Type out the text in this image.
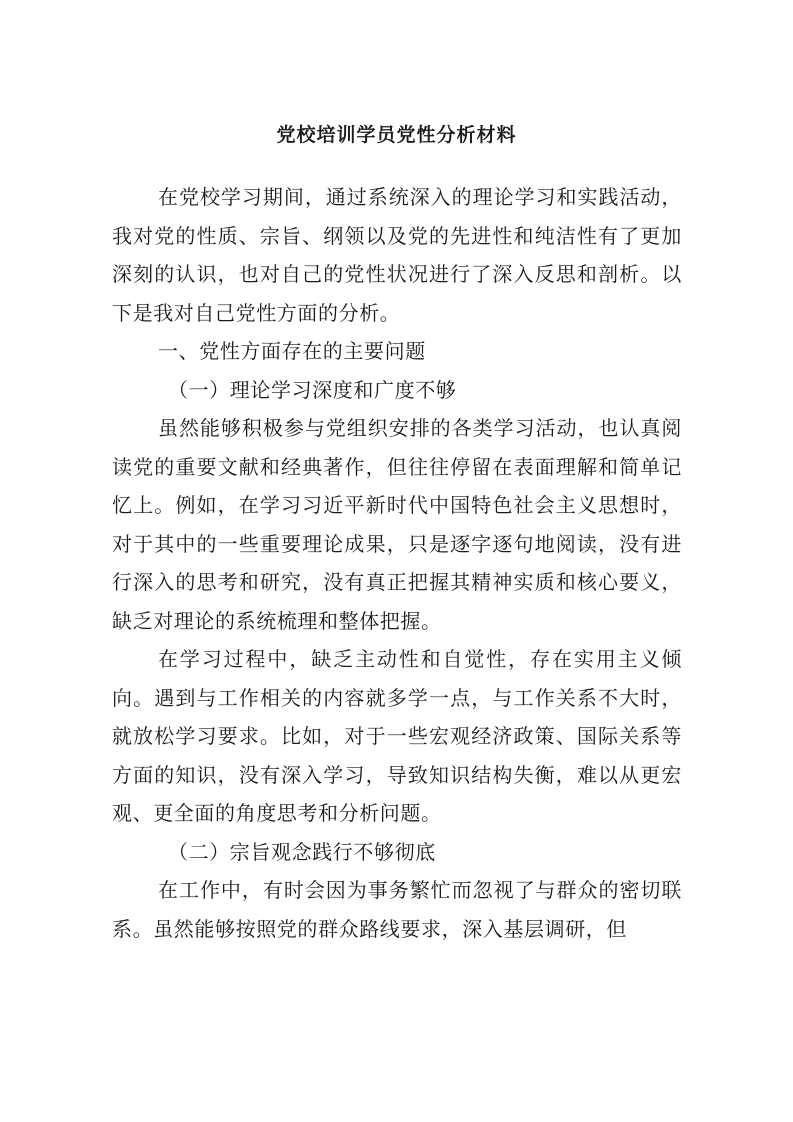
党校培训学员党性分析材料

在党校学习期间，通过系统深入的理论学习和实践活动，我对党的性质、宗旨、纲领以及党的先进性和纯洁性有了更加深刻的认识，也对自己的党性状况进行了深入反思和剖析。以下是我对自己党性方面的分析。

一、党性方面存在的主要问题

（一）理论学习深度和广度不够

虽然能够积极参与党组织安排的各类学习活动，也认真阅读党的重要文献和经典著作，但往往停留在表面理解和简单记忆上。例如，在学习习近平新时代中国特色社会主义思想时，对于其中的一些重要理论成果，只是逐字逐句地阅读，没有进行深入的思考和研究，没有真正把握其精神实质和核心要义，缺乏对理论的系统梳理和整体把握。

在学习过程中，缺乏主动性和自觉性，存在实用主义倾向。遇到与工作相关的内容就多学一点，与工作关系不大时，就放松学习要求。比如，对于一些宏观经济政策、国际关系等方面的知识，没有深入学习，导致知识结构失衡，难以从更宏观、更全面的角度思考和分析问题。

（二）宗旨观念践行不够彻底

在工作中，有时会因为事务繁忙而忽视了与群众的密切联系。虽然能够按照党的群众路线要求，深入基层调研，但
